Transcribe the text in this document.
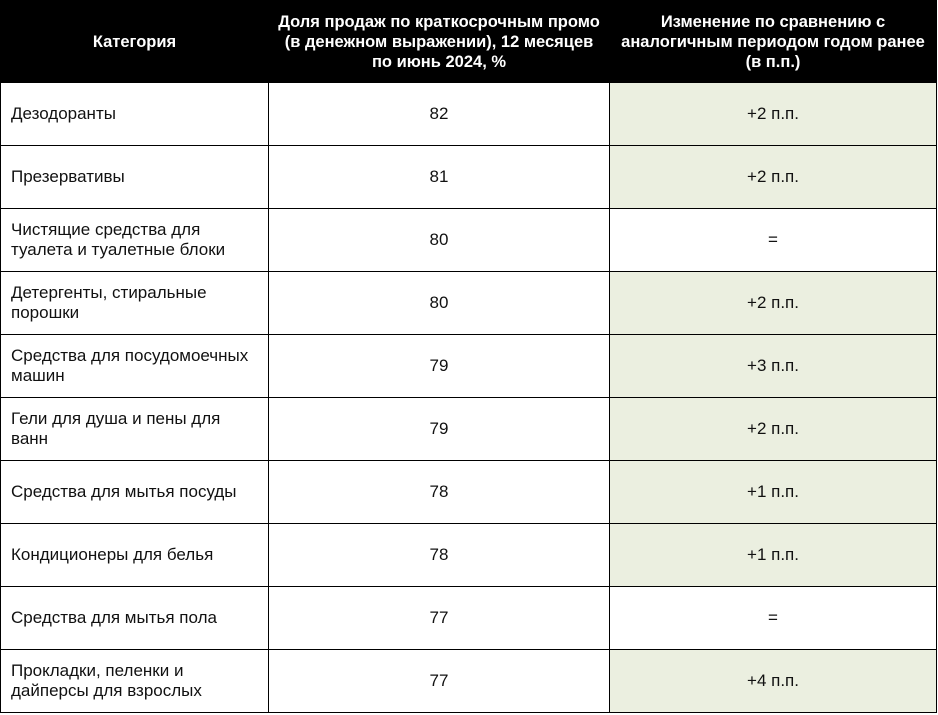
Категория	Доля продаж по краткосрочным промо (в денежном выражении), 12 месяцев по июнь 2024, %	Изменение по сравнению с аналогичным периодом годом ранее (в п.п.)
Дезодоранты	82	+2 п.п.
Презервативы	81	+2 п.п.
Чистящие средства для туалета и туалетные блоки	80	=
Детергенты, стиральные порошки	80	+2 п.п.
Средства для посудомоечных машин	79	+3 п.п.
Гели для душа и пены для ванн	79	+2 п.п.
Средства для мытья посуды	78	+1 п.п.
Кондиционеры для белья	78	+1 п.п.
Средства для мытья пола	77	=
Прокладки, пеленки и дайперсы для взрослых	77	+4 п.п.
